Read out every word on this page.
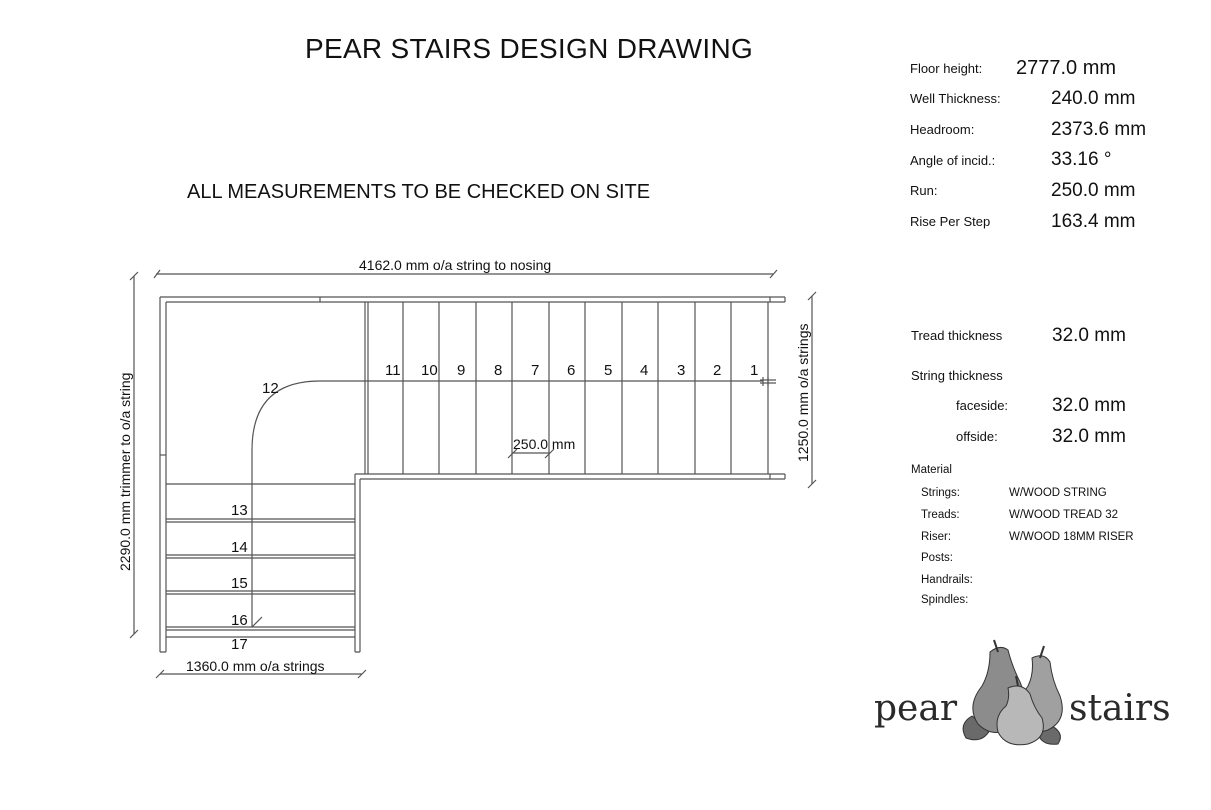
PEAR STAIRS DESIGN DRAWING
ALL MEASUREMENTS TO BE CHECKED ON SITE
Floor height: 2777.0 mm
Well Thickness:	240.0 mm
Headroom:	2373.6 mm
Angle of incid.:	33.16 °
Run:	250.0 mm
Rise Per Step	163.4 mm
Tread thickness	32.0 mm
String thickness
faceside: 32.0 mm
offside:	32.0 mm
Material
Strings:	W/WOOD STRING
Treads:	W/WOOD TREAD 32
Riser:	W/WOOD 18MM RISER
Posts:
Handrails:
Spindles:
1
2
3
4
5
6
7
8
9
10
11
12
13
14
15
16
17
4162.0 mm o/a string to nosing
250.0 mm
1360.0 mm o/a strings
2290.0 mm trimmer to o/a string	1250.0 mm o/a strings
pear	stairs
